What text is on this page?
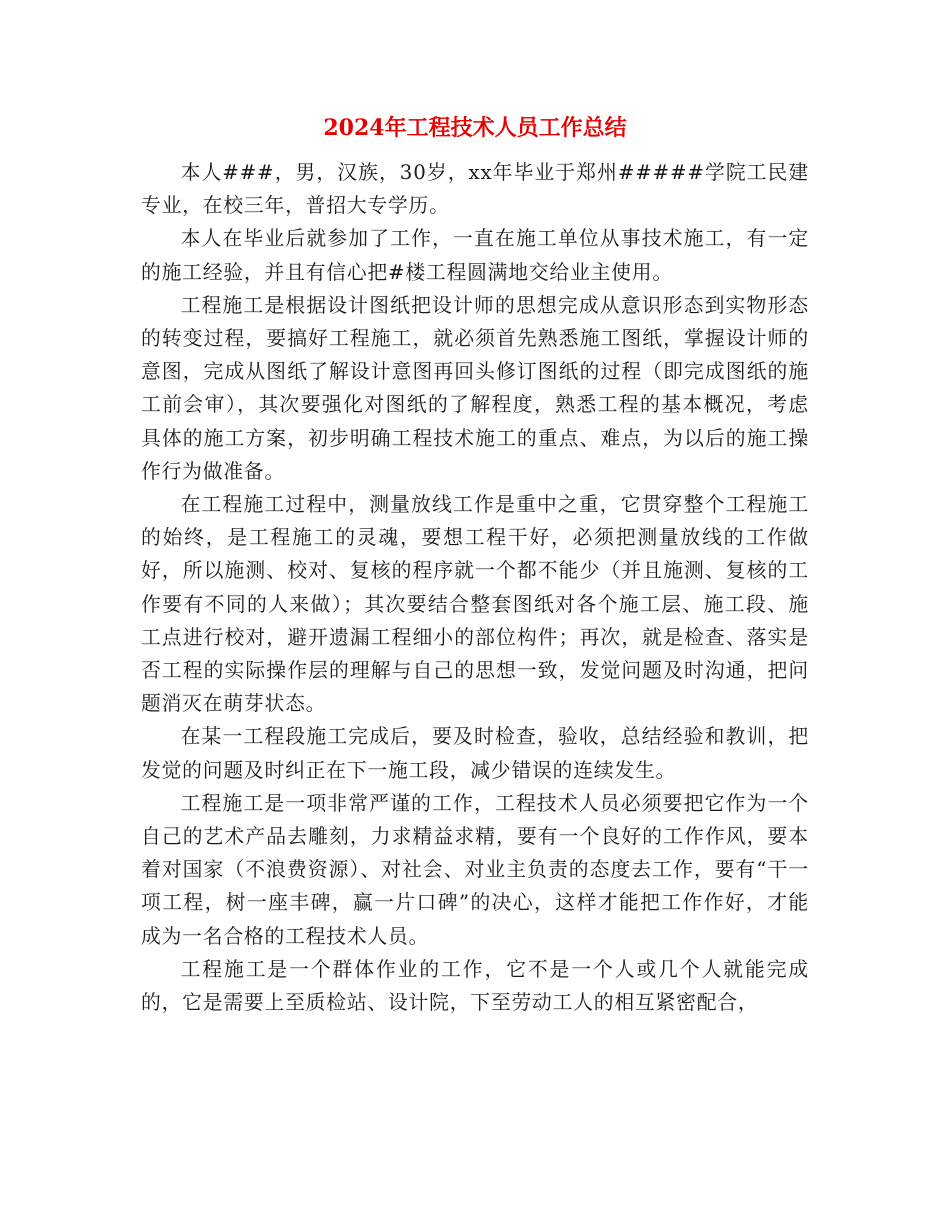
2024年工程技术人员工作总结

本人###，男，汉族，30岁，xx年毕业于郑州#####学院工民建专业，在校三年，普招大专学历。

本人在毕业后就参加了工作，一直在施工单位从事技术施工，有一定的施工经验，并且有信心把#楼工程圆满地交给业主使用。

工程施工是根据设计图纸把设计师的思想完成从意识形态到实物形态的转变过程，要搞好工程施工，就必须首先熟悉施工图纸，掌握设计师的意图，完成从图纸了解设计意图再回头修订图纸的过程（即完成图纸的施工前会审），其次要强化对图纸的了解程度，熟悉工程的基本概况，考虑具体的施工方案，初步明确工程技术施工的重点、难点，为以后的施工操作行为做准备。

在工程施工过程中，测量放线工作是重中之重，它贯穿整个工程施工的始终，是工程施工的灵魂，要想工程干好，必须把测量放线的工作做好，所以施测、校对、复核的程序就一个都不能少（并且施测、复核的工作要有不同的人来做）；其次要结合整套图纸对各个施工层、施工段、施工点进行校对，避开遗漏工程细小的部位构件；再次，就是检查、落实是否工程的实际操作层的理解与自己的思想一致，发觉问题及时沟通，把问题消灭在萌芽状态。

在某一工程段施工完成后，要及时检查，验收，总结经验和教训，把发觉的问题及时纠正在下一施工段，减少错误的连续发生。

工程施工是一项非常严谨的工作，工程技术人员必须要把它作为一个自己的艺术产品去雕刻，力求精益求精，要有一个良好的工作作风，要本着对国家（不浪费资源）、对社会、对业主负责的态度去工作，要有“干一项工程，树一座丰碑，赢一片口碑”的决心，这样才能把工作作好，才能成为一名合格的工程技术人员。

工程施工是一个群体作业的工作，它不是一个人或几个人就能完成的，它是需要上至质检站、设计院，下至劳动工人的相互紧密配合，
